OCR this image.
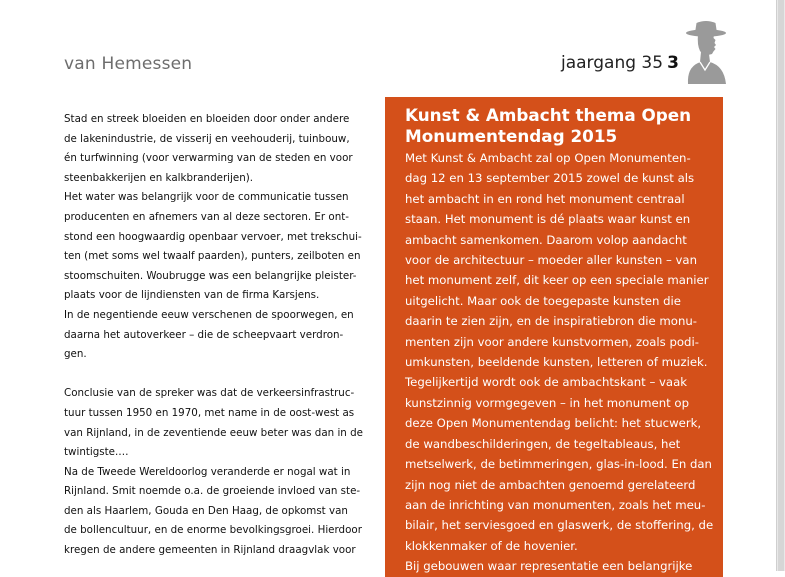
van Hemessen	jaargang 35 3

Stad en streek bloeiden en bloeiden door onder andere

de lakenindustrie, de visserij en veehouderij, tuinbouw,

én turfwinning (voor verwarming van de steden en voor

steenbakkerijen en kalkbranderijen).

Het water was belangrijk voor de communicatie tussen

producenten en afnemers van al deze sectoren. Er ont-

stond een hoogwaardig openbaar vervoer, met trekschui-

ten (met soms wel twaalf paarden), punters, zeilboten en

stoomschuiten. Woubrugge was een belangrijke pleister-

plaats voor de lijndiensten van de firma Karsjens.

In de negentiende eeuw verschenen de spoorwegen, en

daarna het autoverkeer – die de scheepvaart verdron-

gen.

Conclusie van de spreker was dat de verkeersinfrastruc-

tuur tussen 1950 en 1970, met name in de oost-west as

van Rijnland, in de zeventiende eeuw beter was dan in de

twintigste.…

Na de Tweede Wereldoorlog veranderde er nogal wat in

Rijnland. Smit noemde o.a. de groeiende invloed van ste-

den als Haarlem, Gouda en Den Haag, de opkomst van

de bollencultuur, en de enorme bevolkingsgroei. Hierdoor

kregen de andere gemeenten in Rijnland draagvlak voor

Kunst & Ambacht thema Open
Monumentendag 2015

Met Kunst & Ambacht zal op Open Monumenten-

dag 12 en 13 september 2015 zowel de kunst als

het ambacht in en rond het monument centraal

staan. Het monument is dé plaats waar kunst en

ambacht samenkomen. Daarom volop aandacht

voor de architectuur – moeder aller kunsten – van

het monument zelf, dit keer op een speciale manier

uitgelicht. Maar ook de toegepaste kunsten die

daarin te zien zijn, en de inspiratiebron die monu-

menten zijn voor andere kunstvormen, zoals podi-

umkunsten, beeldende kunsten, letteren of muziek.

Tegelijkertijd wordt ook de ambachtskant – vaak

kunstzinnig vormgegeven – in het monument op

deze Open Monumentendag belicht: het stucwerk,

de wandbeschilderingen, de tegeltableaus, het

metselwerk, de betimmeringen, glas-in-lood. En dan

zijn nog niet de ambachten genoemd gerelateerd

aan de inrichting van monumenten, zoals het meu-

bilair, het serviesgoed en glaswerk, de stoffering, de

klokkenmaker of de hovenier.

Bij gebouwen waar representatie een belangrijke
